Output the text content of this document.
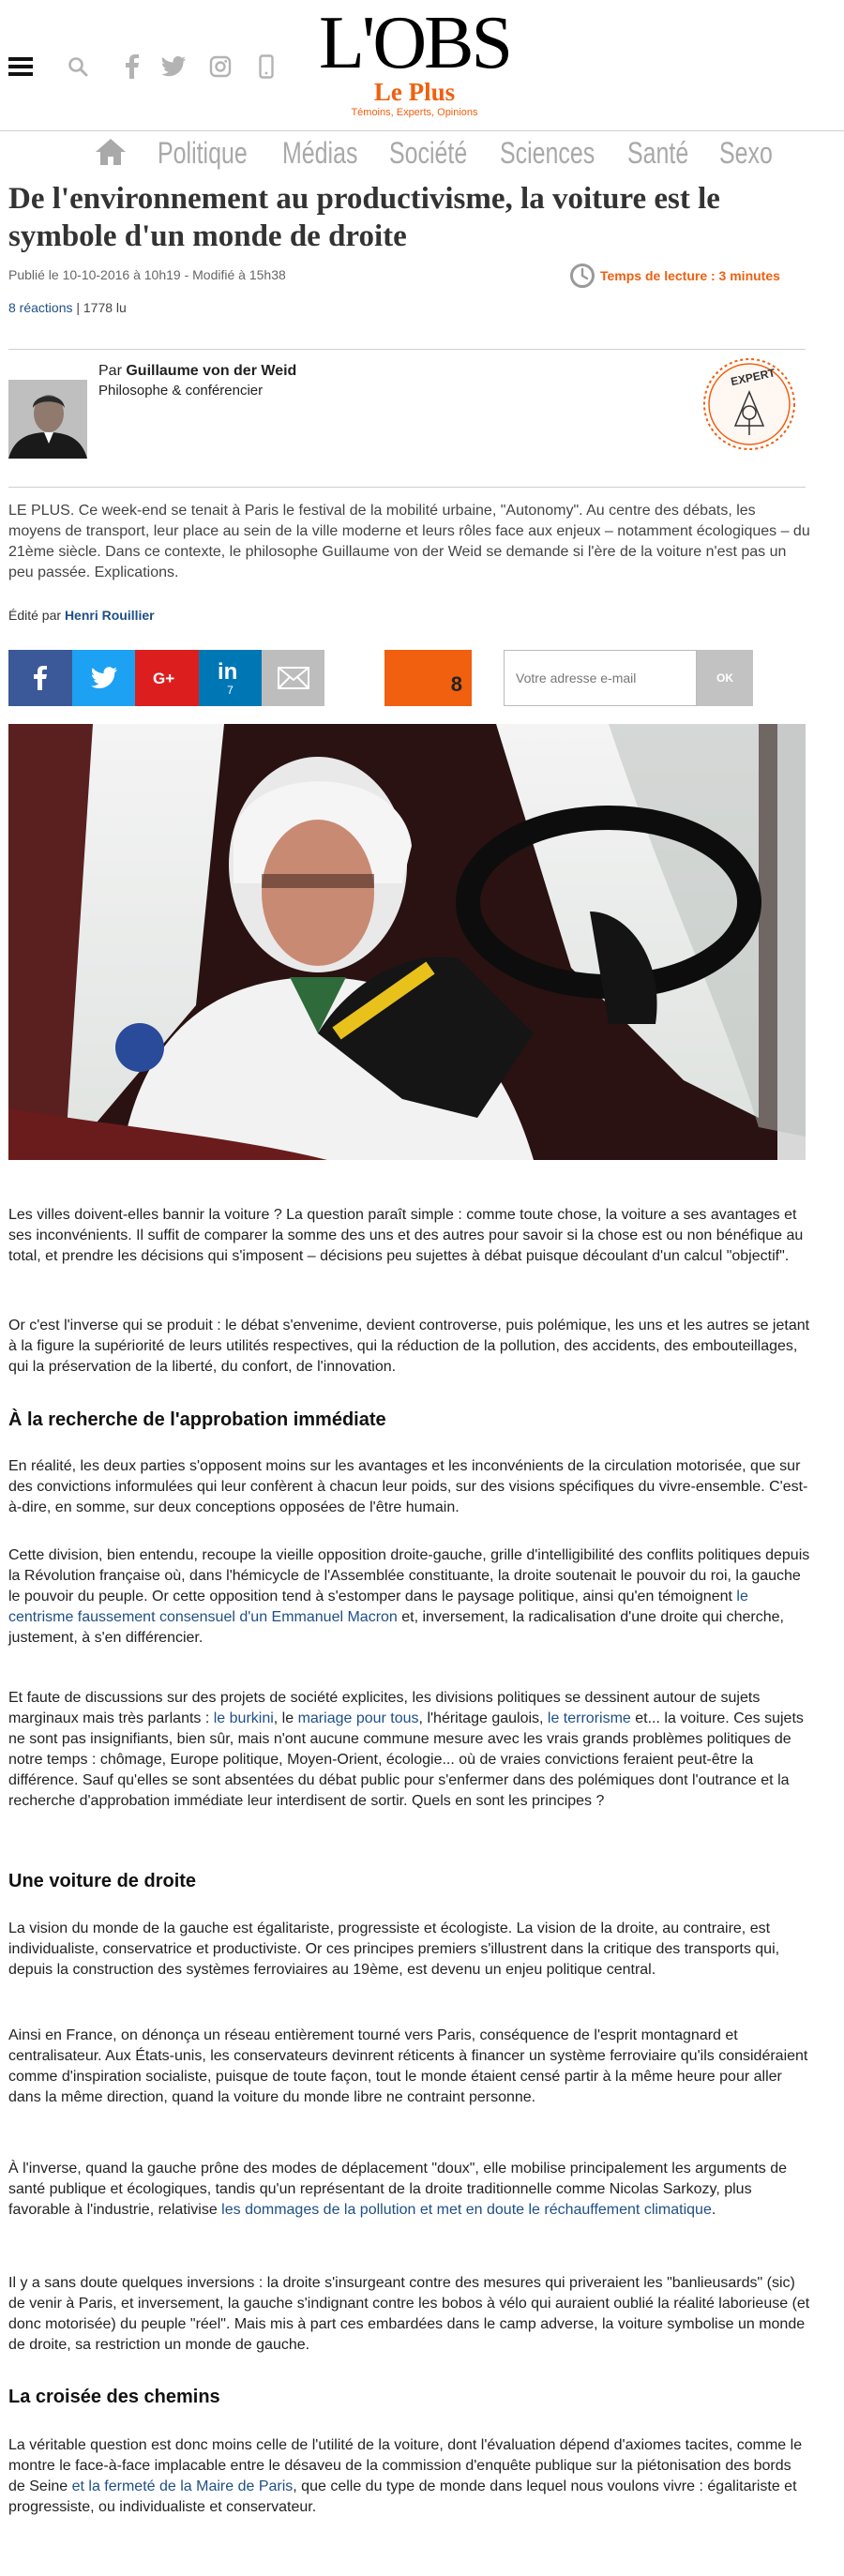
L'OBS
Le Plus
Témoins, Experts, Opinions
Politique Médias Société Sciences Santé Sexo
De l'environnement au productivisme, la voiture est le symbole d'un monde de droite
Publié le 10-10-2016 à 10h19 - Modifié à 15h38	Temps de lecture : 3 minutes
8 réactions | 1778 lu
Par Guillaume von der Weid
Philosophe & conférencier
EXPERT

LE PLUS. Ce week-end se tenait à Paris le festival de la mobilité urbaine, "Autonomy". Au centre des débats, les moyens de transport, leur place au sein de la ville moderne et leurs rôles face aux enjeux – notamment écologiques – du 21ème siècle. Dans ce contexte, le philosophe Guillaume von der Weid se demande si l'ère de la voiture n'est pas un peu passée. Explications.

Édité par Henri Rouillier
G+ in
7	8
Votre adresse e-mail	OK

Les villes doivent-elles bannir la voiture ? La question paraît simple : comme toute chose, la voiture a ses avantages et ses inconvénients. Il suffit de comparer la somme des uns et des autres pour savoir si la chose est ou non bénéfique au total, et prendre les décisions qui s'imposent – décisions peu sujettes à débat puisque découlant d'un calcul "objectif".

Or c'est l'inverse qui se produit : le débat s'envenime, devient controverse, puis polémique, les uns et les autres se jetant à la figure la supériorité de leurs utilités respectives, qui la réduction de la pollution, des accidents, des embouteillages, qui la préservation de la liberté, du confort, de l'innovation.

À la recherche de l'approbation immédiate

En réalité, les deux parties s'opposent moins sur les avantages et les inconvénients de la circulation motorisée, que sur des convictions informulées qui leur confèrent à chacun leur poids, sur des visions spécifiques du vivre-ensemble. C'est-à-dire, en somme, sur deux conceptions opposées de l'être humain.

Cette division, bien entendu, recoupe la vieille opposition droite-gauche, grille d'intelligibilité des conflits politiques depuis la Révolution française où, dans l'hémicycle de l'Assemblée constituante, la droite soutenait le pouvoir du roi, la gauche le pouvoir du peuple. Or cette opposition tend à s'estomper dans le paysage politique, ainsi qu'en témoignent le centrisme faussement consensuel d'un Emmanuel Macron et, inversement, la radicalisation d'une droite qui cherche, justement, à s'en différencier.

Et faute de discussions sur des projets de société explicites, les divisions politiques se dessinent autour de sujets marginaux mais très parlants : le burkini, le mariage pour tous, l'héritage gaulois, le terrorisme et... la voiture. Ces sujets ne sont pas insignifiants, bien sûr, mais n'ont aucune commune mesure avec les vrais grands problèmes politiques de notre temps : chômage, Europe politique, Moyen-Orient, écologie... où de vraies convictions feraient peut-être la différence. Sauf qu'elles se sont absentées du débat public pour s'enfermer dans des polémiques dont l'outrance et la recherche d'approbation immédiate leur interdisent de sortir. Quels en sont les principes ?

Une voiture de droite

La vision du monde de la gauche est égalitariste, progressiste et écologiste. La vision de la droite, au contraire, est individualiste, conservatrice et productiviste. Or ces principes premiers s'illustrent dans la critique des transports qui, depuis la construction des systèmes ferroviaires au 19ème, est devenu un enjeu politique central.

Ainsi en France, on dénonça un réseau entièrement tourné vers Paris, conséquence de l'esprit montagnard et centralisateur. Aux États-unis, les conservateurs devinrent réticents à financer un système ferroviaire qu'ils considéraient comme d'inspiration socialiste, puisque de toute façon, tout le monde étaient censé partir à la même heure pour aller dans la même direction, quand la voiture du monde libre ne contraint personne.

À l'inverse, quand la gauche prône des modes de déplacement "doux", elle mobilise principalement les arguments de santé publique et écologiques, tandis qu'un représentant de la droite traditionnelle comme Nicolas Sarkozy, plus favorable à l'industrie, relativise les dommages de la pollution et met en doute le réchauffement climatique.

Il y a sans doute quelques inversions : la droite s'insurgeant contre des mesures qui priveraient les "banlieusards" (sic) de venir à Paris, et inversement, la gauche s'indignant contre les bobos à vélo qui auraient oublié la réalité laborieuse (et donc motorisée) du peuple "réel". Mais mis à part ces embardées dans le camp adverse, la voiture symbolise un monde de droite, sa restriction un monde de gauche.

La croisée des chemins

La véritable question est donc moins celle de l'utilité de la voiture, dont l'évaluation dépend d'axiomes tacites, comme le montre le face-à-face implacable entre le désaveu de la commission d'enquête publique sur la piétonisation des bords de Seine et la fermeté de la Maire de Paris, que celle du type de monde dans lequel nous voulons vivre : égalitariste et progressiste, ou individualiste et conservateur.
